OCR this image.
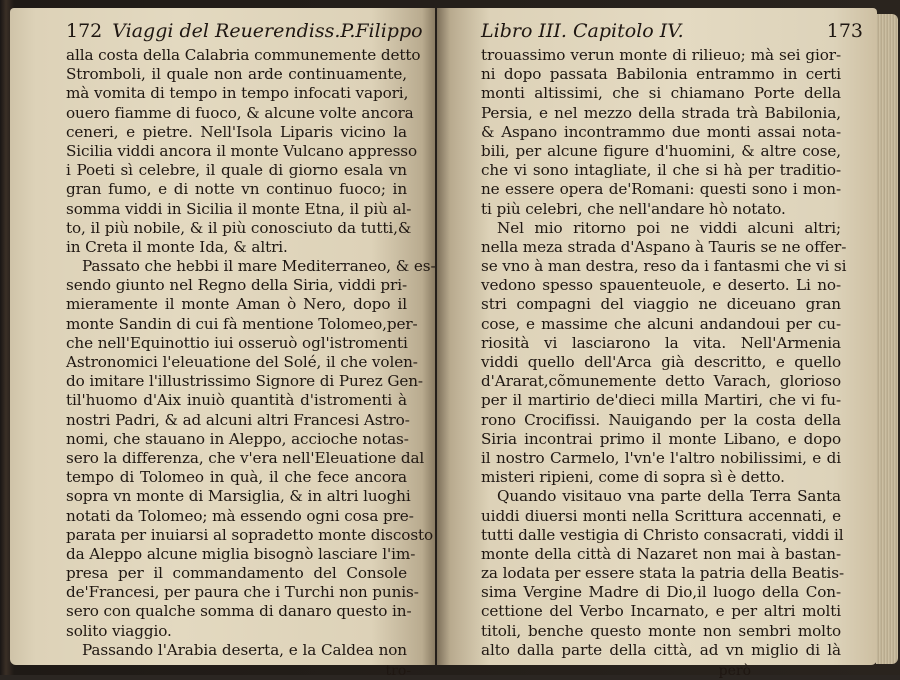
172 Viaggi del Reuerendiss.P.Filippo
alla costa della Calabria communemente detto
Stromboli, il quale non arde continuamente,
mà vomita di tempo in tempo infocati vapori,
ouero fiamme di fuoco, & alcune volte ancora
ceneri, e pietre. Nell'Isola Liparis vicino la
Sicilia viddi ancora il monte Vulcano appresso
i Poeti sì celebre, il quale di giorno esala vn
gran fumo, e di notte vn continuo fuoco; in
somma viddi in Sicilia il monte Etna, il più al-
to, il più nobile, & il più conosciuto da tutti,&
in Creta il monte Ida, & altri.
Passato che hebbi il mare Mediterraneo, & es-
sendo giunto nel Regno della Siria, viddi pri-
mieramente il monte Aman ò Nero, dopo il
monte Sandin di cui fà mentione Tolomeo,per-
che nell'Equinottio iui osseruò ogl'istromenti
Astronomici l'eleuatione del Solé, il che volen-
do imitare l'illustrissimo Signore di Purez Gen-
til'huomo d'Aix inuiò quantità d'istromenti à
nostri Padri, & ad alcuni altri Francesi Astro-
nomi, che stauano in Aleppo, accioche notas-
sero la differenza, che v'era nell'Eleuatione dal
tempo di Tolomeo in quà, il che fece ancora
sopra vn monte di Marsiglia, & in altri luoghi
notati da Tolomeo; mà essendo ogni cosa pre-
parata per inuiarsi al sopradetto monte discosto
da Aleppo alcune miglia bisognò lasciare l'im-
presa per il commandamento del Console
de'Francesi, per paura che i Turchi non punis-
sero con qualche somma di danaro questo in-
solito viaggio.
Passando l'Arabia deserta, e la Caldea non
tro-
Libro III. Capitolo IV.	173
trouassimo verun monte di rilieuo; mà sei gior-
ni dopo passata Babilonia entrammo in certi
monti altissimi, che si chiamano Porte della
Persia, e nel mezzo della strada trà Babilonia,
& Aspano incontrammo due monti assai nota-
bili, per alcune figure d'huomini, & altre cose,
che vi sono intagliate, il che si hà per traditio-
ne essere opera de'Romani: questi sono i mon-
ti più celebri, che nell'andare hò notato.
Nel mio ritorno poi ne viddi alcuni altri;
nella meza strada d'Aspano à Tauris se ne offer-
se vno à man destra, reso da i fantasmi che vi si
vedono spesso spauenteuole, e deserto. Li no-
stri compagni del viaggio ne diceuano gran
cose, e massime che alcuni andandoui per cu-
riosità vi lasciarono la vita. Nell'Armenia
viddi quello dell'Arca già descritto, e quello
d'Ararat,cõmunemente detto Varach, glorioso
per il martirio de'dieci milla Martiri, che vi fu-
rono Crocifissi. Nauigando per la costa della
Siria incontrai primo il monte Libano, e dopo
il nostro Carmelo, l'vn'e l'altro nobilissimi, e di
misteri ripieni, come di sopra sì è detto.
Quando visitauo vna parte della Terra Santa
uiddi diuersi monti nella Scrittura accennati, e
tutti dalle vestigia di Christo consacrati, viddi il
monte della città di Nazaret non mai à bastan-
za lodata per essere stata la patria della Beatis-
sima Vergine Madre di Dio,il luogo della Con-
cettione del Verbo Incarnato, e per altri molti
titoli, benche questo monte non sembri molto
alto dalla parte della città, ad vn miglio di là
però
